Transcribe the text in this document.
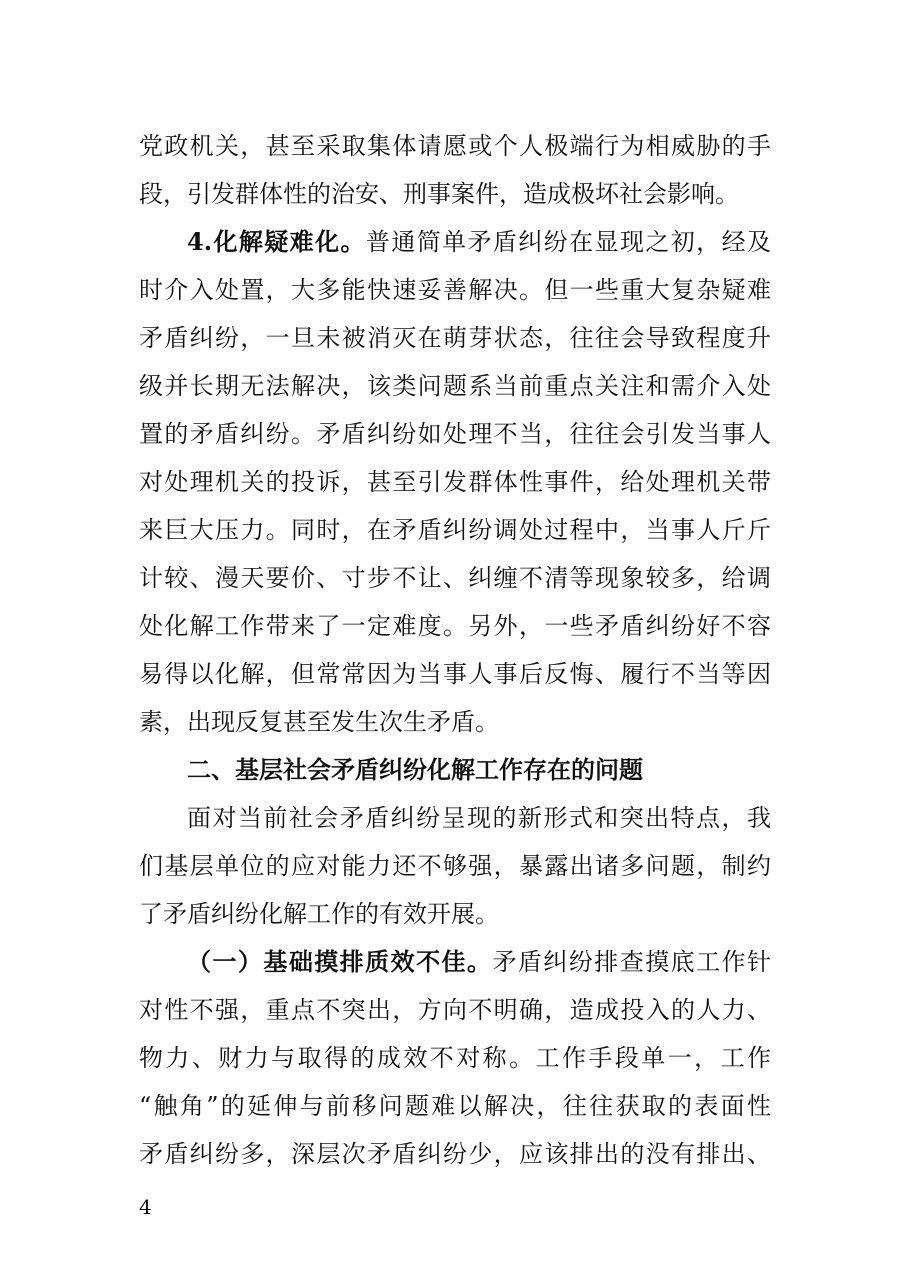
党政机关，甚至采取集体请愿或个人极端行为相威胁的手
段，引发群体性的治安、刑事案件，造成极坏社会影响。
4.化解疑难化。普通简单矛盾纠纷在显现之初，经及
时介入处置，大多能快速妥善解决。但一些重大复杂疑难
矛盾纠纷，一旦未被消灭在萌芽状态，往往会导致程度升
级并长期无法解决，该类问题系当前重点关注和需介入处
置的矛盾纠纷。矛盾纠纷如处理不当，往往会引发当事人
对处理机关的投诉，甚至引发群体性事件，给处理机关带
来巨大压力。同时，在矛盾纠纷调处过程中，当事人斤斤
计较、漫天要价、寸步不让、纠缠不清等现象较多，给调
处化解工作带来了一定难度。另外，一些矛盾纠纷好不容
易得以化解，但常常因为当事人事后反悔、履行不当等因
素，出现反复甚至发生次生矛盾。
二、基层社会矛盾纠纷化解工作存在的问题
面对当前社会矛盾纠纷呈现的新形式和突出特点，我
们基层单位的应对能力还不够强，暴露出诸多问题，制约
了矛盾纠纷化解工作的有效开展。
（一）基础摸排质效不佳。矛盾纠纷排查摸底工作针
对性不强，重点不突出，方向不明确，造成投入的人力、
物力、财力与取得的成效不对称。工作手段单一，工作
“触角”的延伸与前移问题难以解决，往往获取的表面性
矛盾纠纷多，深层次矛盾纠纷少，应该排出的没有排出、
4
